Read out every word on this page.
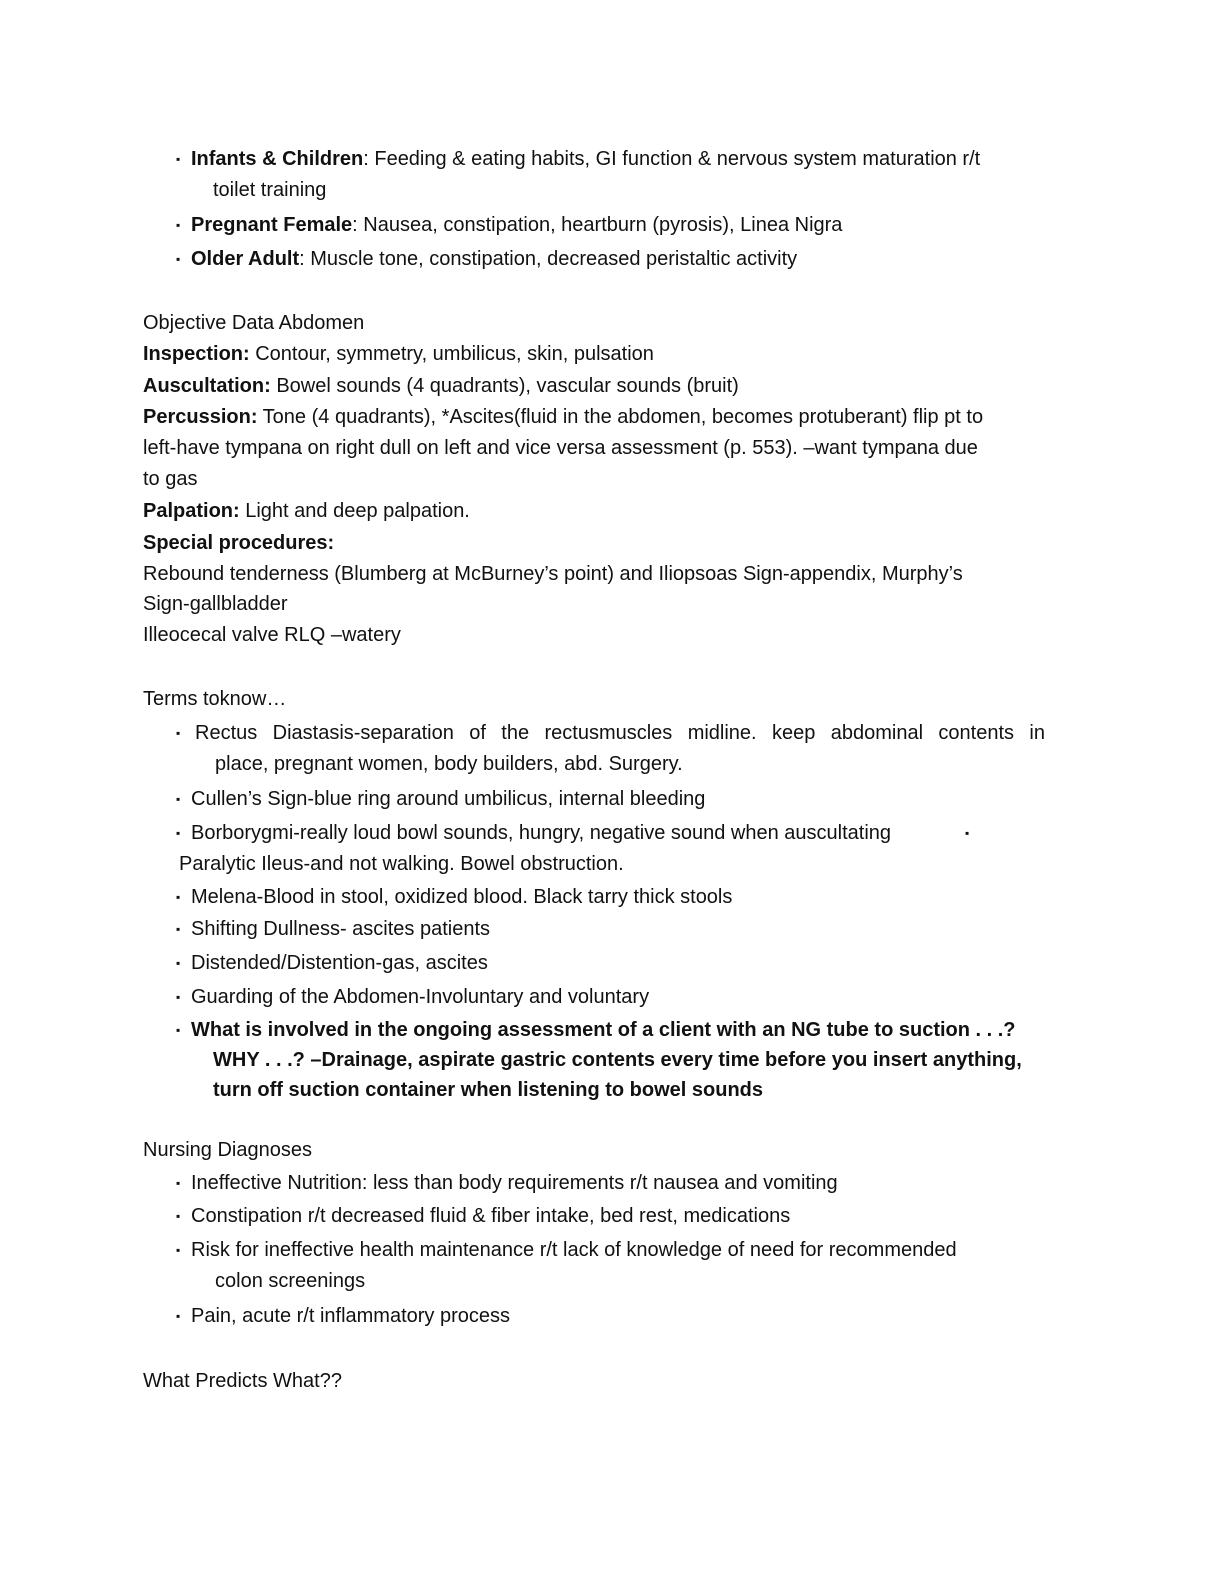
▪ Infants & Children: Feeding & eating habits, GI function & nervous system maturation r/t
toilet training
▪ Pregnant Female: Nausea, constipation, heartburn (pyrosis), Linea Nigra
▪ Older Adult: Muscle tone, constipation, decreased peristaltic activity
Objective Data Abdomen
Inspection: Contour, symmetry, umbilicus, skin, pulsation
Auscultation: Bowel sounds (4 quadrants), vascular sounds (bruit)
Percussion: Tone (4 quadrants), *Ascites(fluid in the abdomen, becomes protuberant) flip pt to
left-have tympana on right dull on left and vice versa assessment (p. 553). –want tympana due
to gas
Palpation: Light and deep palpation.
Special procedures:
Rebound tenderness (Blumberg at McBurney’s point) and Iliopsoas Sign-appendix, Murphy’s
Sign-gallbladder
Illeocecal valve RLQ –watery
Terms toknow…
▪ Rectus Diastasis-separation of the rectusmuscles midline. keep abdominal contents in
place, pregnant women, body builders, abd. Surgery.
▪ Cullen’s Sign-blue ring around umbilicus, internal bleeding
▪ Borborygmi-really loud bowl sounds, hungry, negative sound when auscultating	▪
Paralytic Ileus-and not walking. Bowel obstruction.
▪ Melena-Blood in stool, oxidized blood. Black tarry thick stools
▪ Shifting Dullness- ascites patients
▪ Distended/Distention-gas, ascites
▪ Guarding of the Abdomen-Involuntary and voluntary
▪ What is involved in the ongoing assessment of a client with an NG tube to suction . . .?
WHY . . .? –Drainage, aspirate gastric contents every time before you insert anything,
turn off suction container when listening to bowel sounds
Nursing Diagnoses
▪ Ineffective Nutrition: less than body requirements r/t nausea and vomiting
▪ Constipation r/t decreased fluid & fiber intake, bed rest, medications
▪ Risk for ineffective health maintenance r/t lack of knowledge of need for recommended
colon screenings
▪ Pain, acute r/t inflammatory process
What Predicts What??
